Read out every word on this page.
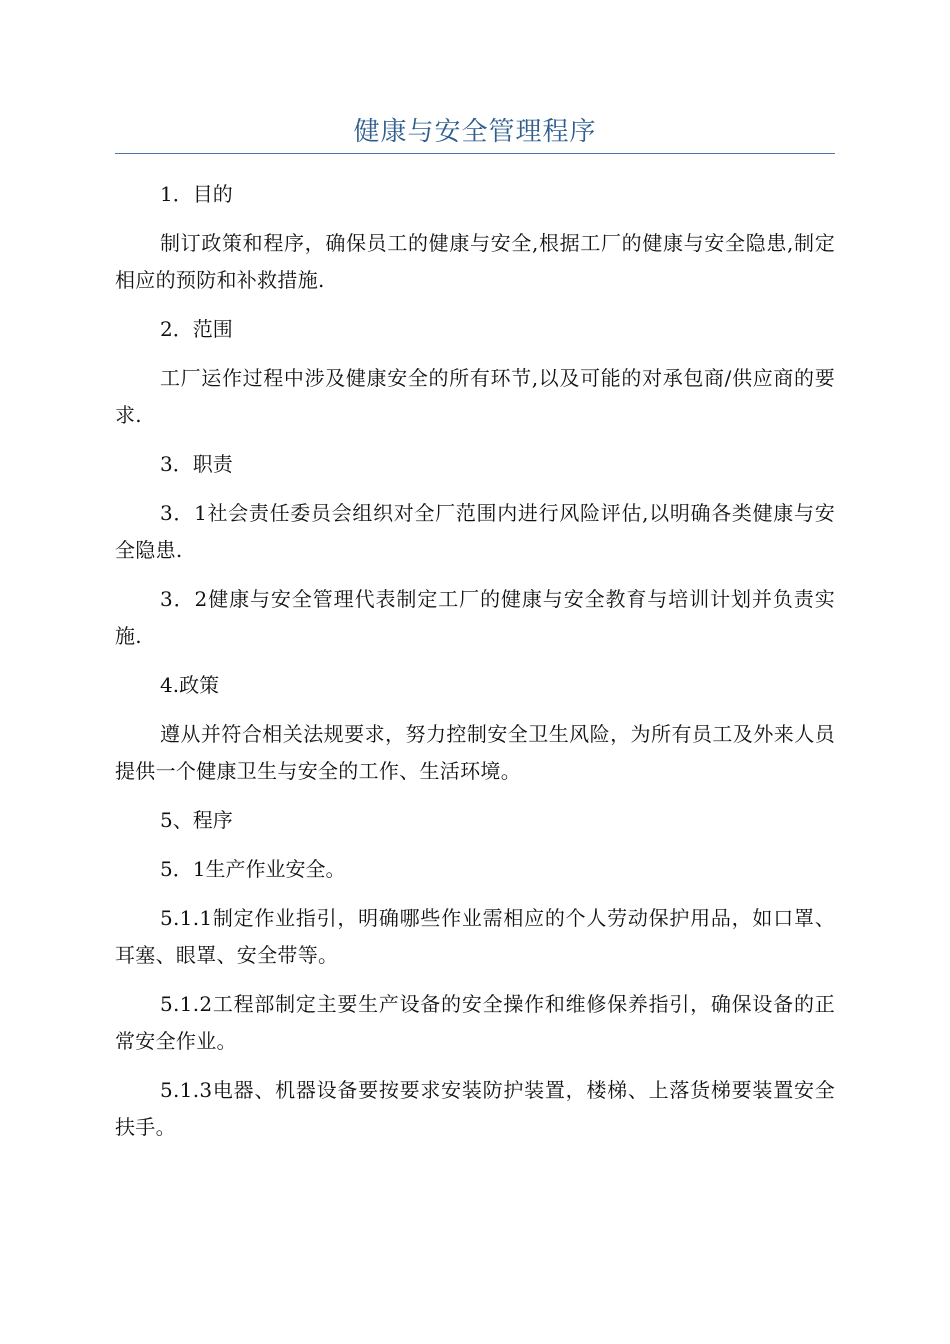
健康与安全管理程序

1．目的

制订政策和程序，确保员工的健康与安全,根据工厂的健康与安全隐患,制定相应的预防和补救措施.

2．范围

工厂运作过程中涉及健康安全的所有环节,以及可能的对承包商/供应商的要求.

3．职责

3．1社会责任委员会组织对全厂范围内进行风险评估,以明确各类健康与安全隐患.

3．2健康与安全管理代表制定工厂的健康与安全教育与培训计划并负责实施.

4.政策

遵从并符合相关法规要求，努力控制安全卫生风险，为所有员工及外来人员提供一个健康卫生与安全的工作、生活环境。

5、程序

5．1生产作业安全。

5.1.1制定作业指引，明确哪些作业需相应的个人劳动保护用品，如口罩、耳塞、眼罩、安全带等。

5.1.2工程部制定主要生产设备的安全操作和维修保养指引，确保设备的正常安全作业。

5.1.3电器、机器设备要按要求安装防护装置，楼梯、上落货梯要装置安全扶手。
